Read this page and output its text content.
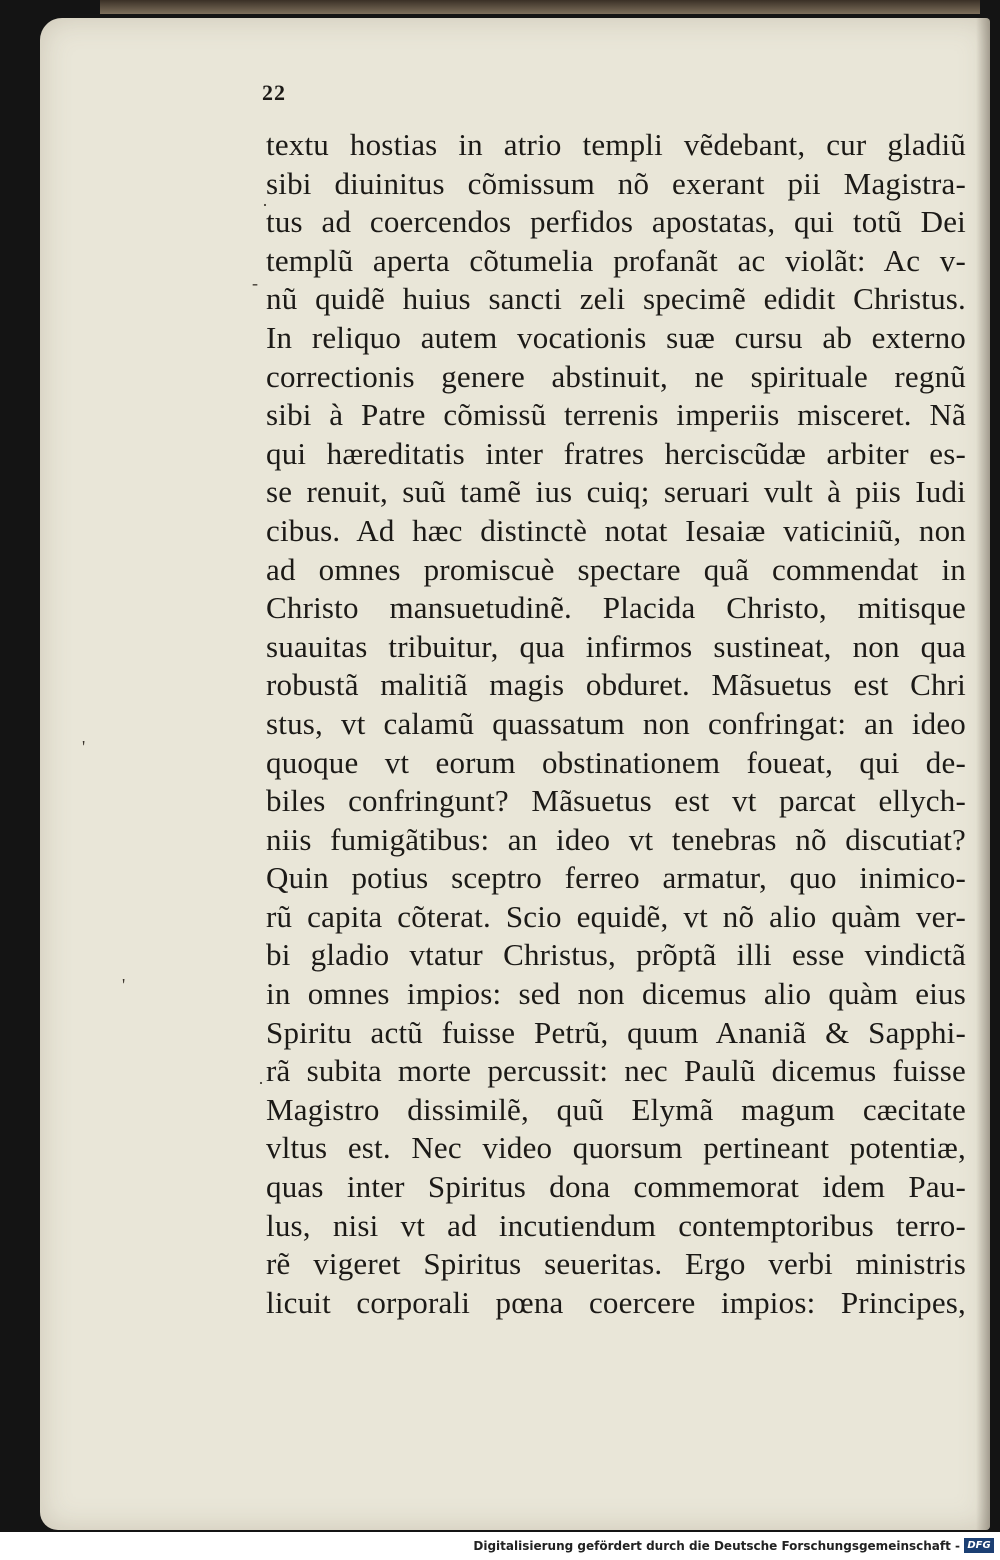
22
·
-
'
'
·
textu hostias in atrio templi vẽdebant, cur gladiũ
sibi diuinitus cõmissum nõ exerant pii Magistra-
tus ad coercendos perfidos apostatas, qui totũ Dei
templũ aperta cõtumelia profanãt ac violãt: Ac v-
nũ quidẽ huius sancti zeli specimẽ edidit Christus.
In reliquo autem vocationis suæ cursu ab externo
correctionis genere abstinuit, ne spirituale regnũ
sibi à Patre cõmissũ terrenis imperiis misceret. Nã
qui hæreditatis inter fratres herciscũdæ arbiter es-
se renuit, suũ tamẽ ius cuiq; seruari vult à piis Iudi
cibus. Ad hæc distinctè notat Iesaiæ vaticiniũ, non
ad omnes promiscuè spectare quã commendat in
Christo mansuetudinẽ. Placida Christo, mitisque
suauitas tribuitur, qua infirmos sustineat, non qua
robustã malitiã magis obduret. Mãsuetus est Chri
stus, vt calamũ quassatum non confringat: an ideo
quoque vt eorum obstinationem foueat, qui de-
biles confringunt? Mãsuetus est vt parcat ellych-
niis fumigãtibus: an ideo vt tenebras nõ discutiat?
Quin potius sceptro ferreo armatur, quo inimico-
rũ capita cõterat. Scio equidẽ, vt nõ alio quàm ver-
bi gladio vtatur Christus, prõptã illi esse vindictã
in omnes impios: sed non dicemus alio quàm eius
Spiritu actũ fuisse Petrũ, quum Ananiã & Sapphi-
rã subita morte percussit: nec Paulũ dicemus fuisse
Magistro dissimilẽ, quũ Elymã magum cæcitate
vltus est. Nec video quorsum pertineant potentiæ,
quas inter Spiritus dona commemorat idem Pau-
lus, nisi vt ad incutiendum contemptoribus terro-
rẽ vigeret Spiritus seueritas. Ergo verbi ministris
licuit corporali pœna coercere impios: Principes,
Digitalisierung gefördert durch die Deutsche Forschungsgemeinschaft - DFG
